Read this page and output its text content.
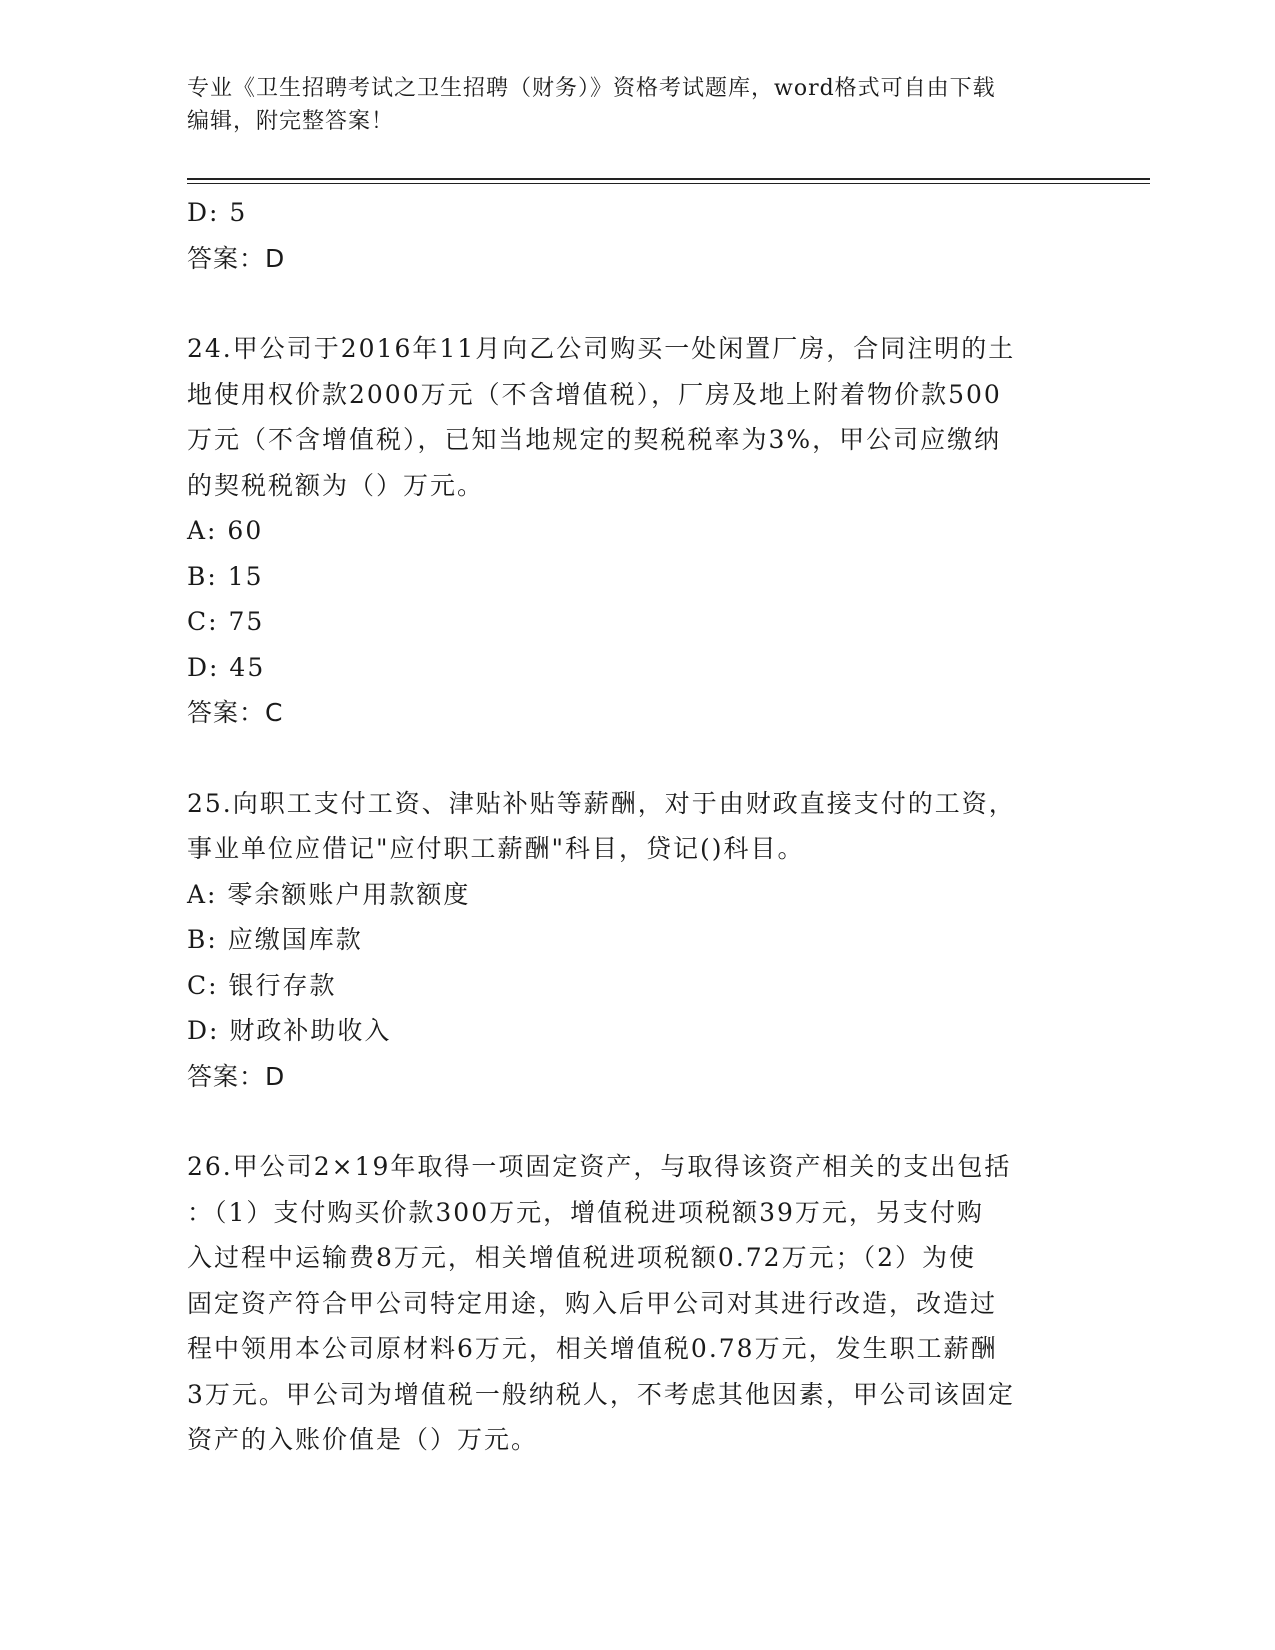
专业《卫生招聘考试之卫生招聘（财务）》资格考试题库，word格式可自由下载
编辑，附完整答案！
D: 5
答案：D
24.甲公司于2016年11月向乙公司购买一处闲置厂房，合同注明的土
地使用权价款2000万元（不含增值税），厂房及地上附着物价款500
万元（不含增值税），已知当地规定的契税税率为3%，甲公司应缴纳
的契税税额为（）万元。
A: 60
B: 15
C: 75
D: 45
答案：C
25.向职工支付工资、津贴补贴等薪酬，对于由财政直接支付的工资，
事业单位应借记"应付职工薪酬"科目，贷记()科目。
A: 零余额账户用款额度
B: 应缴国库款
C: 银行存款
D: 财政补助收入
答案：D
26.甲公司2×19年取得一项固定资产，与取得该资产相关的支出包括
：（1）支付购买价款300万元，增值税进项税额39万元，另支付购
入过程中运输费8万元，相关增值税进项税额0.72万元；（2）为使
固定资产符合甲公司特定用途，购入后甲公司对其进行改造，改造过
程中领用本公司原材料6万元，相关增值税0.78万元，发生职工薪酬
3万元。甲公司为增值税一般纳税人，不考虑其他因素，甲公司该固定
资产的入账价值是（）万元。
